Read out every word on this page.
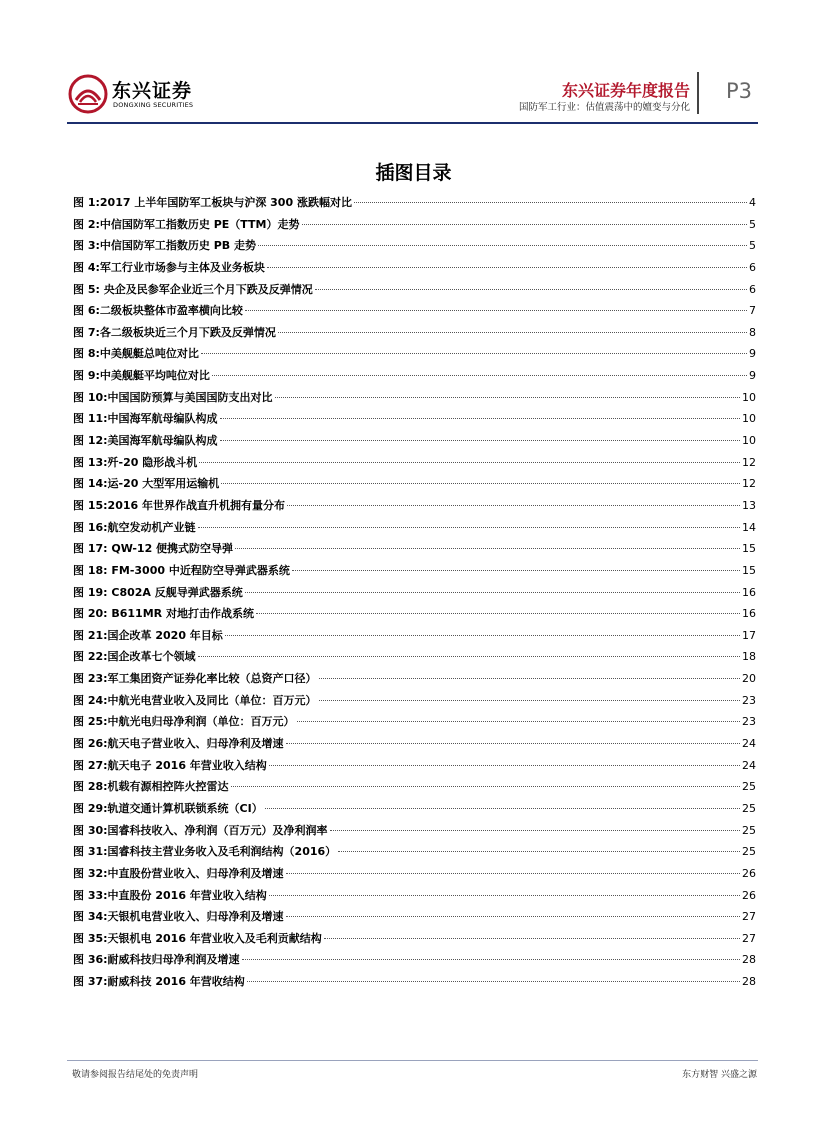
东兴证券
DONGXING SECURITIES
东兴证券年度报告
国防军工行业：估值震荡中的嬗变与分化
P3
插图目录
图 1:2017 上半年国防军工板块与沪深 300 涨跌幅对比	4
图 2:中信国防军工指数历史 PE（TTM）走势	5
图 3:中信国防军工指数历史 PB 走势	5
图 4:军工行业市场参与主体及业务板块	6
图 5: 央企及民参军企业近三个月下跌及反弹情况	6
图 6:二级板块整体市盈率横向比较	7
图 7:各二级板块近三个月下跌及反弹情况	8
图 8:中美舰艇总吨位对比	9
图 9:中美舰艇平均吨位对比	9
图 10:中国国防预算与美国国防支出对比	10
图 11:中国海军航母编队构成	10
图 12:美国海军航母编队构成	10
图 13:歼-20 隐形战斗机	12
图 14:运-20 大型军用运输机	12
图 15:2016 年世界作战直升机拥有量分布	13
图 16:航空发动机产业链	14
图 17: QW-12 便携式防空导弹	15
图 18: FM-3000 中近程防空导弹武器系统	15
图 19: C802A 反舰导弹武器系统	16
图 20: B611MR 对地打击作战系统	16
图 21:国企改革 2020 年目标	17
图 22:国企改革七个领域	18
图 23:军工集团资产证券化率比较（总资产口径）	20
图 24:中航光电营业收入及同比（单位：百万元）	23
图 25:中航光电归母净利润（单位：百万元）	23
图 26:航天电子营业收入、归母净利及增速	24
图 27:航天电子 2016 年营业收入结构	24
图 28:机载有源相控阵火控雷达	25
图 29:轨道交通计算机联锁系统（CI）	25
图 30:国睿科技收入、净利润（百万元）及净利润率	25
图 31:国睿科技主营业务收入及毛利润结构（2016）	25
图 32:中直股份营业收入、归母净利及增速	26
图 33:中直股份 2016 年营业收入结构	26
图 34:天银机电营业收入、归母净利及增速	27
图 35:天银机电 2016 年营业收入及毛利贡献结构	27
图 36:耐威科技归母净利润及增速	28
图 37:耐威科技 2016 年营收结构	28
敬请参阅报告结尾处的免责声明	东方财智 兴盛之源
